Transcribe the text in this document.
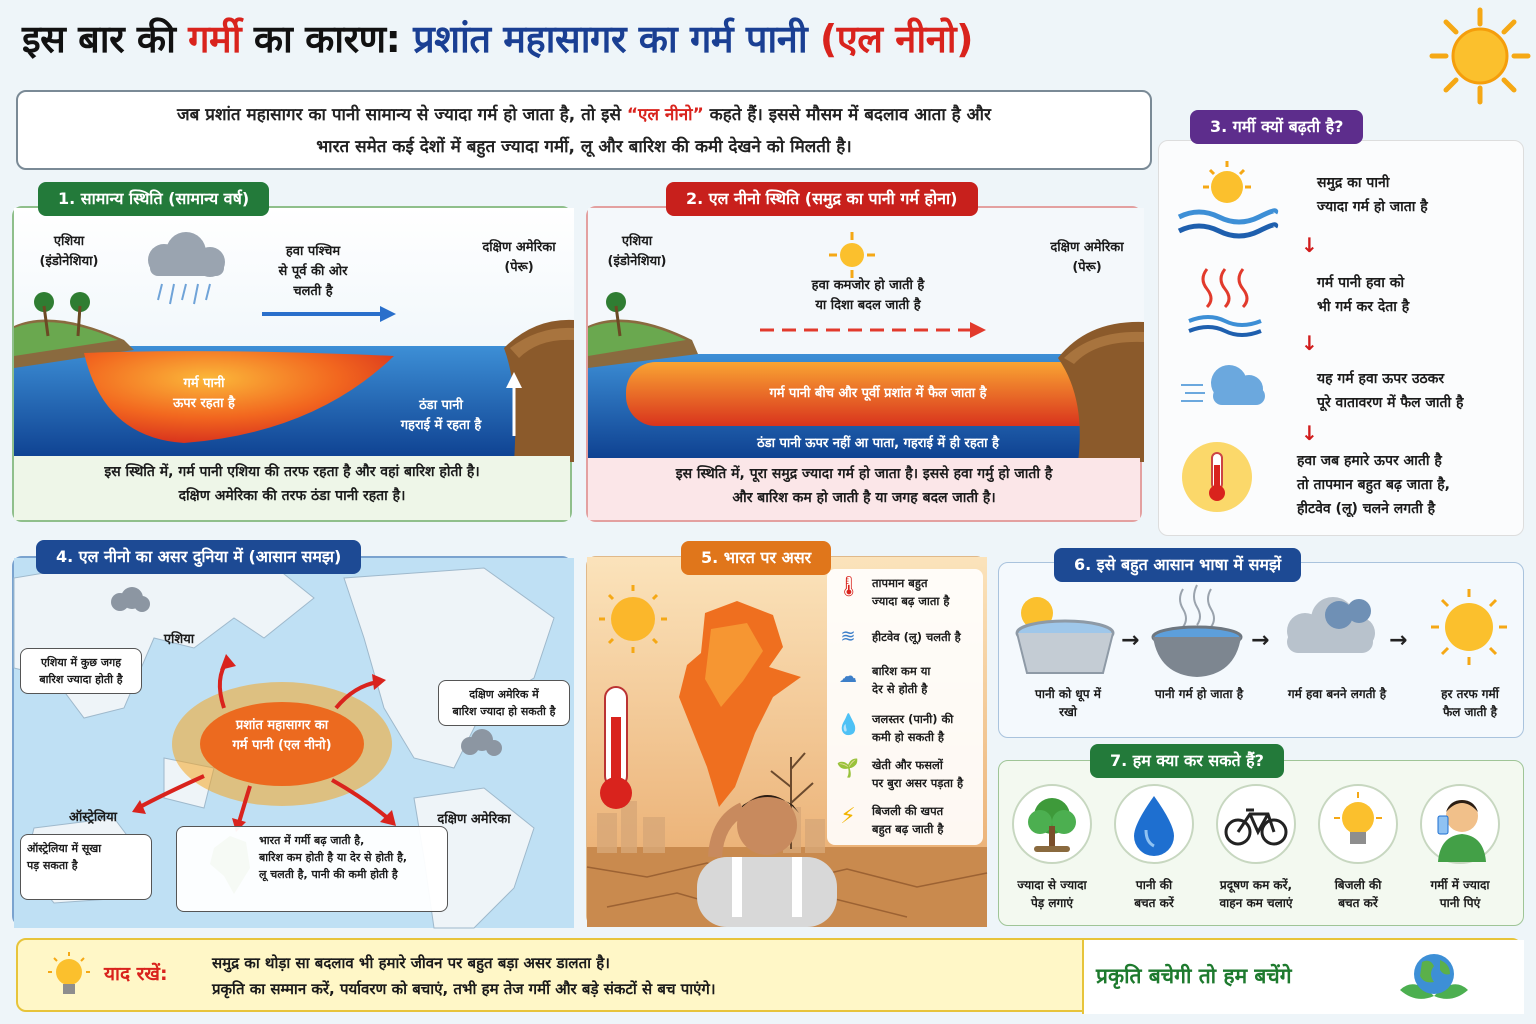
इस बार की गर्मी का कारण: प्रशांत महासागर का गर्म पानी (एल नीनो)
जब प्रशांत महासागर का पानी सामान्य से ज्यादा गर्म हो जाता है, तो इसे “एल नीनो” कहते हैं। इससे मौसम में बदलाव आता है और
भारत समेत कई देशों में बहुत ज्यादा गर्मी, लू और बारिश की कमी देखने को मिलती है।
1. सामान्य स्थिति (सामान्य वर्ष)
एशिया
(इंडोनेशिया)
हवा पश्चिम
से पूर्व की ओर
चलती है
दक्षिण अमेरिका
(पेरू)
गर्म पानी
ऊपर रहता है	ठंडा पानी
गहराई में रहता है
इस स्थिति में, गर्म पानी एशिया की तरफ रहता है और वहां बारिश होती है।
दक्षिण अमेरिका की तरफ ठंडा पानी रहता है।
2. एल नीनो स्थिति (समुद्र का पानी गर्म होना)
एशिया
(इंडोनेशिया)
हवा कमजोर हो जाती है
या दिशा बदल जाती है
दक्षिण अमेरिका
(पेरू)
गर्म पानी बीच और पूर्वी प्रशांत में फैल जाता है
ठंडा पानी ऊपर नहीं आ पाता, गहराई में ही रहता है
इस स्थिति में, पूरा समुद्र ज्यादा गर्म हो जाता है। इससे हवा गर्मु हो जाती है
और बारिश कम हो जाती है या जगह बदल जाती है।
समुद्र का पानी
ज्यादा गर्म हो जाता है
↓
गर्म पानी हवा को
भी गर्म कर देता है
↓
यह गर्म हवा ऊपर उठकर
पूरे वातावरण में फैल जाती है
↓
हवा जब हमारे ऊपर आती है
तो तापमान बहुत बढ़ जाता है,
हीटवेव (लू) चलने लगती है
3. गर्मी क्यों बढ़ती है?
एशिया
एशिया में कुछ जगह
बारिश ज्यादा होती है
प्रशांत महासागर का
गर्म पानी (एल नीनो)
दक्षिण अमेरिक में
बारिश ज्यादा हो सकती है
ऑस्ट्रेलिया
ऑस्ट्रेलिया में सूखा
पड़ सकता है
भारत में गर्मी बढ़ जाती है,
बारिश कम होती है या देर से होती है,
लू चलती है, पानी की कमी होती है
दक्षिण अमेरिका
4. एल नीनो का असर दुनिया में (आसान समझ)	5. भारत पर असर
🌡 तापमान बहुत
ज्यादा बढ़ जाता है
≋	हीटवेव (लू) चलती है
☁ बारिश कम या
देर से होती है
💧 जलस्तर (पानी) की
कमी हो सकती है
🌱 खेती और फसलों
पर बुरा असर पड़ता है
⚡	बिजली की खपत
बहुत बढ़ जाती है
→	→	→
पानी को धूप में
रखो
पानी गर्म हो जाता है	गर्म हवा बनने लगती है	हर तरफ गर्मी
फैल जाती है
6. इसे बहुत आसान भाषा में समझें
7. हम क्या कर सकते हैं?
ज्यादा से ज्यादा
पेड़ लगाएं
पानी की
बचत करें
प्रदूषण कम करें,
वाहन कम चलाएं
बिजली की
बचत करें
गर्मी में ज्यादा
पानी पिएं
याद रखें:	समुद्र का थोड़ा सा बदलाव भी हमारे जीवन पर बहुत बड़ा असर डालता है।
प्रकृति का सम्मान करें, पर्यावरण को बचाएं, तभी हम तेज गर्मी और बड़े संकटों से बच पाएंगे।
प्रकृति बचेगी तो हम बचेंगे
